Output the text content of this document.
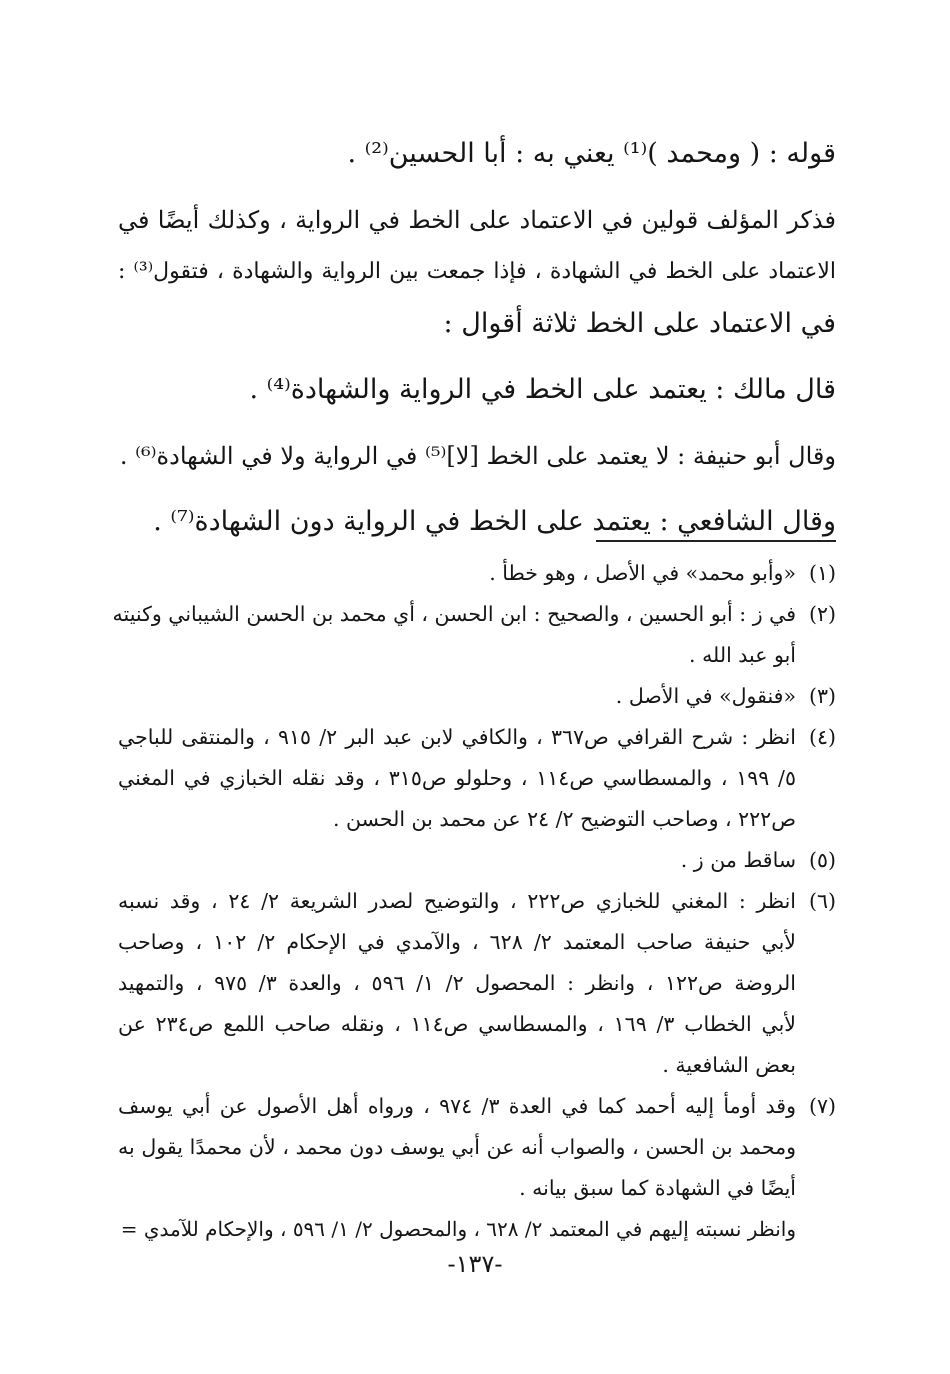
قوله : ( ومحمد )⁽¹⁾ يعني به : أبا الحسين⁽²⁾ .
فذكر المؤلف قولين في الاعتماد على الخط في الرواية ، وكذلك أيضًا في
الاعتماد على الخط في الشهادة ، فإذا جمعت بين الرواية والشهادة ، فتقول⁽³⁾ :
في الاعتماد على الخط ثلاثة أقوال :
قال مالك : يعتمد على الخط في الرواية والشهادة⁽⁴⁾ .
وقال أبو حنيفة : لا يعتمد على الخط [لا]⁽⁵⁾ في الرواية ولا في الشهادة⁽⁶⁾ .
وقال الشافعي : يعتمد على الخط في الرواية دون الشهادة⁽⁷⁾ .
(١)
«وأبو محمد» في الأصل ، وهو خطأ .
(٢)
في ز : أبو الحسين ، والصحيح : ابن الحسن ، أي محمد بن الحسن الشيباني وكنيته
أبو عبد الله .
(٣)
«فنقول» في الأصل .
(٤)
انظر : شرح القرافي ص٣٦٧ ، والكافي لابن عبد البر ٢/ ٩١٥ ، والمنتقى للباجي
٥/ ١٩٩ ، والمسطاسي ص١١٤ ، وحلولو ص٣١٥ ، وقد نقله الخبازي في المغني
ص٢٢٢ ، وصاحب التوضيح ٢/ ٢٤ عن محمد بن الحسن .
(٥)
ساقط من ز .
(٦)
انظر : المغني للخبازي ص٢٢٢ ، والتوضيح لصدر الشريعة ٢/ ٢٤ ، وقد نسبه
لأبي حنيفة صاحب المعتمد ٢/ ٦٢٨ ، والآمدي في الإحكام ٢/ ١٠٢ ، وصاحب
الروضة ص١٢٢ ، وانظر : المحصول ٢/ ١/ ٥٩٦ ، والعدة ٣/ ٩٧٥ ، والتمهيد
لأبي الخطاب ٣/ ١٦٩ ، والمسطاسي ص١١٤ ، ونقله صاحب اللمع ص٢٣٤ عن
بعض الشافعية .
(٧)
وقد أومأ إليه أحمد كما في العدة ٣/ ٩٧٤ ، ورواه أهل الأصول عن أبي يوسف
ومحمد بن الحسن ، والصواب أنه عن أبي يوسف دون محمد ، لأن محمدًا يقول به
أيضًا في الشهادة كما سبق بيانه .
وانظر نسبته إليهم في المعتمد ٢/ ٦٢٨ ، والمحصول ٢/ ١/ ٥٩٦ ، والإحكام للآمدي =
-١٣٧-
